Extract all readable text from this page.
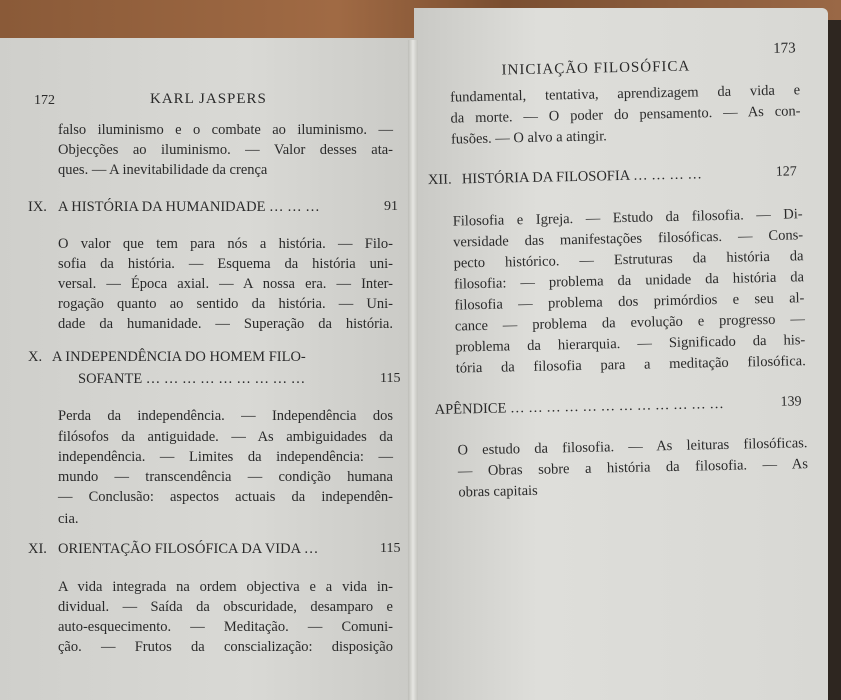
172	KARL JASPERS
falso iluminismo e o combate ao iluminismo. —
Objecções ao iluminismo. — Valor desses ata-
ques. — A inevitabilidade da crença
IX. A HISTÓRIA DA HUMANIDADE … … …	91
O valor que tem para nós a história. — Filo-
sofia da história. — Esquema da história uni-
versal. — Época axial. — A nossa era. — Inter-
rogação quanto ao sentido da história. — Uni-
dade da humanidade. — Superação da história.
X. A INDEPENDÊNCIA DO HOMEM FILO-
SOFANTE … … … … … … … … …	115
Perda da independência. — Independência dos
filósofos da antiguidade. — As ambiguidades da
independência. — Limites da independência: —
mundo — transcendência — condição humana
— Conclusão: aspectos actuais da independên-
cia.
XI. ORIENTAÇÃO FILOSÓFICA DA VIDA …	115
A vida integrada na ordem objectiva e a vida in-
dividual. — Saída da obscuridade, desamparo e
auto-esquecimento. — Meditação. — Comuni-
ção. — Frutos da conscialização: disposição
INICIAÇÃO FILOSÓFICA
173
fundamental, tentativa, aprendizagem da vida e
da morte. — O poder do pensamento. — As con-
fusões. — O alvo a atingir.
XII. HISTÓRIA DA FILOSOFIA … … … …	127
Filosofia e Igreja. — Estudo da filosofia. — Di-
versidade das manifestações filosóficas. — Cons-
pecto histórico. — Estruturas da história da
filosofia: — problema da unidade da história da
filosofia — problema dos primórdios e seu al-
cance — problema da evolução e progresso —
problema da hierarquia. — Significado da his-
tória da filosofia para a meditação filosófica.
APÊNDICE … … … … … … … … … … … …	139
O estudo da filosofia. — As leituras filosóficas.
— Obras sobre a história da filosofia. — As
obras capitais
